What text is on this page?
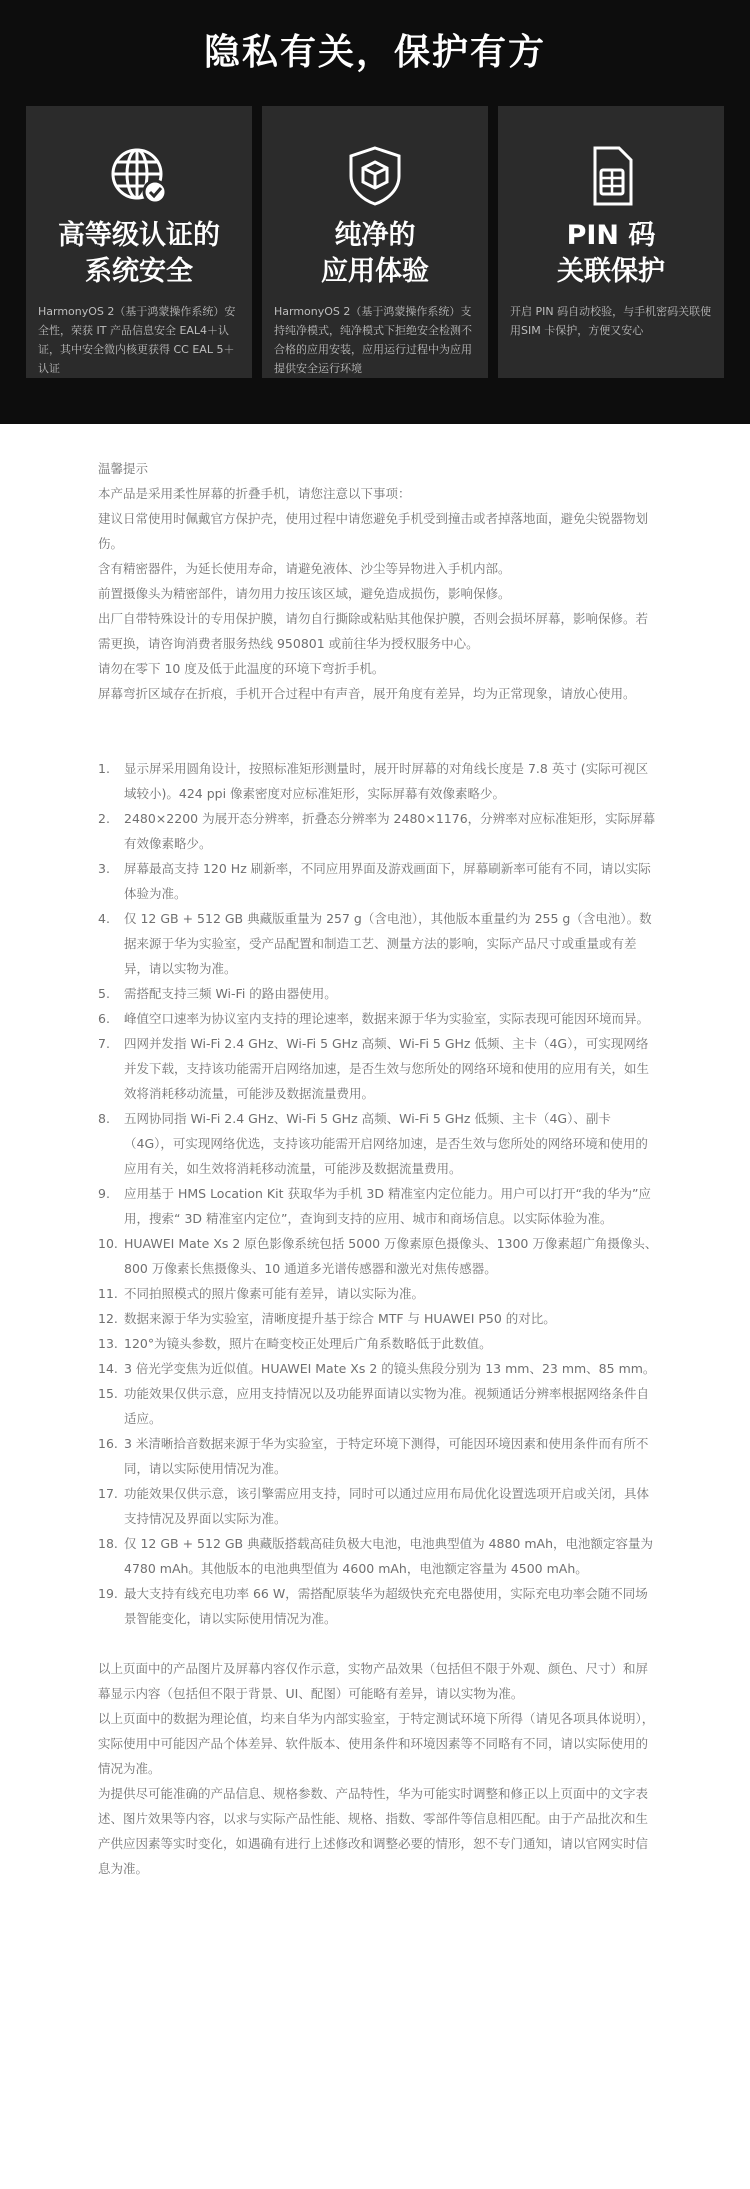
隐私有关，保护有方
高等级认证的
系统安全
HarmonyOS 2（基于鸿蒙操作系统）安全性，荣获 IT 产品信息安全 EAL4＋认证，其中安全微内核更获得 CC EAL 5＋认证
纯净的
应用体验
HarmonyOS 2（基于鸿蒙操作系统）支持纯净模式，纯净模式下拒绝安全检测不合格的应用安装，应用运行过程中为应用提供安全运行环境
PIN 码
关联保护
开启 PIN 码自动校验，与手机密码关联使用SIM 卡保护，方便又安心

温馨提示

本产品是采用柔性屏幕的折叠手机，请您注意以下事项：

建议日常使用时佩戴官方保护壳，使用过程中请您避免手机受到撞击或者掉落地面，避免尖锐器物划伤。

含有精密器件，为延长使用寿命，请避免液体、沙尘等异物进入手机内部。

前置摄像头为精密部件，请勿用力按压该区域，避免造成损伤，影响保修。

出厂自带特殊设计的专用保护膜，请勿自行撕除或粘贴其他保护膜，否则会损坏屏幕，影响保修。若需更换，请咨询消费者服务热线 950801 或前往华为授权服务中心。

请勿在零下 10 度及低于此温度的环境下弯折手机。

屏幕弯折区域存在折痕，手机开合过程中有声音，展开角度有差异，均为正常现象，请放心使用。

1.	显示屏采用圆角设计，按照标准矩形测量时，展开时屏幕的对角线长度是 7.8 英寸 (实际可视区域较小)。424 ppi 像素密度对应标准矩形，实际屏幕有效像素略少。
2.	2480×2200 为展开态分辨率，折叠态分辨率为 2480×1176，分辨率对应标准矩形，实际屏幕有效像素略少。
3.	屏幕最高支持 120 Hz 刷新率，不同应用界面及游戏画面下，屏幕刷新率可能有不同，请以实际体验为准。
4.	仅 12 GB + 512 GB 典藏版重量为 257 g（含电池），其他版本重量约为 255 g（含电池）。数据来源于华为实验室，受产品配置和制造工艺、测量方法的影响，实际产品尺寸或重量或有差异，请以实物为准。
5.	需搭配支持三频 Wi-Fi 的路由器使用。
6.	峰值空口速率为协议室内支持的理论速率，数据来源于华为实验室，实际表现可能因环境而异。
7.	四网并发指 Wi-Fi 2.4 GHz、Wi-Fi 5 GHz 高频、Wi-Fi 5 GHz 低频、主卡（4G），可实现网络并发下载，支持该功能需开启网络加速，是否生效与您所处的网络环境和使用的应用有关，如生效将消耗移动流量，可能涉及数据流量费用。
8.	五网协同指 Wi-Fi 2.4 GHz、Wi-Fi 5 GHz 高频、Wi-Fi 5 GHz 低频、主卡（4G）、副卡（4G），可实现网络优选，支持该功能需开启网络加速，是否生效与您所处的网络环境和使用的应用有关，如生效将消耗移动流量，可能涉及数据流量费用。
9.	应用基于 HMS Location Kit 获取华为手机 3D 精准室内定位能力。用户可以打开“我的华为”应用，搜索“ 3D 精准室内定位”，查询到支持的应用、城市和商场信息。以实际体验为准。
10. HUAWEI Mate Xs 2 原色影像系统包括 5000 万像素原色摄像头、1300 万像素超广角摄像头、800 万像素长焦摄像头、10 通道多光谱传感器和激光对焦传感器。
11. 不同拍照模式的照片像素可能有差异，请以实际为准。
12. 数据来源于华为实验室，清晰度提升基于综合 MTF 与 HUAWEI P50 的对比。
13. 120°为镜头参数，照片在畸变校正处理后广角系数略低于此数值。
14. 3 倍光学变焦为近似值。HUAWEI Mate Xs 2 的镜头焦段分别为 13 mm、23 mm、85 mm。
15. 功能效果仅供示意，应用支持情况以及功能界面请以实物为准。视频通话分辨率根据网络条件自适应。
16. 3 米清晰拾音数据来源于华为实验室，于特定环境下测得，可能因环境因素和使用条件而有所不同，请以实际使用情况为准。
17. 功能效果仅供示意，该引擎需应用支持，同时可以通过应用布局优化设置选项开启或关闭，具体支持情况及界面以实际为准。
18. 仅 12 GB + 512 GB 典藏版搭载高硅负极大电池，电池典型值为 4880 mAh，电池额定容量为 4780 mAh。其他版本的电池典型值为 4600 mAh，电池额定容量为 4500 mAh。
19. 最大支持有线充电功率 66 W，需搭配原装华为超级快充充电器使用，实际充电功率会随不同场景智能变化，请以实际使用情况为准。

以上页面中的产品图片及屏幕内容仅作示意，实物产品效果（包括但不限于外观、颜色、尺寸）和屏幕显示内容（包括但不限于背景、UI、配图）可能略有差异，请以实物为准。

以上页面中的数据为理论值，均来自华为内部实验室，于特定测试环境下所得（请见各项具体说明），实际使用中可能因产品个体差异、软件版本、使用条件和环境因素等不同略有不同，请以实际使用的情况为准。

为提供尽可能准确的产品信息、规格参数、产品特性，华为可能实时调整和修正以上页面中的文字表述、图片效果等内容，以求与实际产品性能、规格、指数、零部件等信息相匹配。由于产品批次和生产供应因素等实时变化，如遇确有进行上述修改和调整必要的情形，恕不专门通知，请以官网实时信息为准。
